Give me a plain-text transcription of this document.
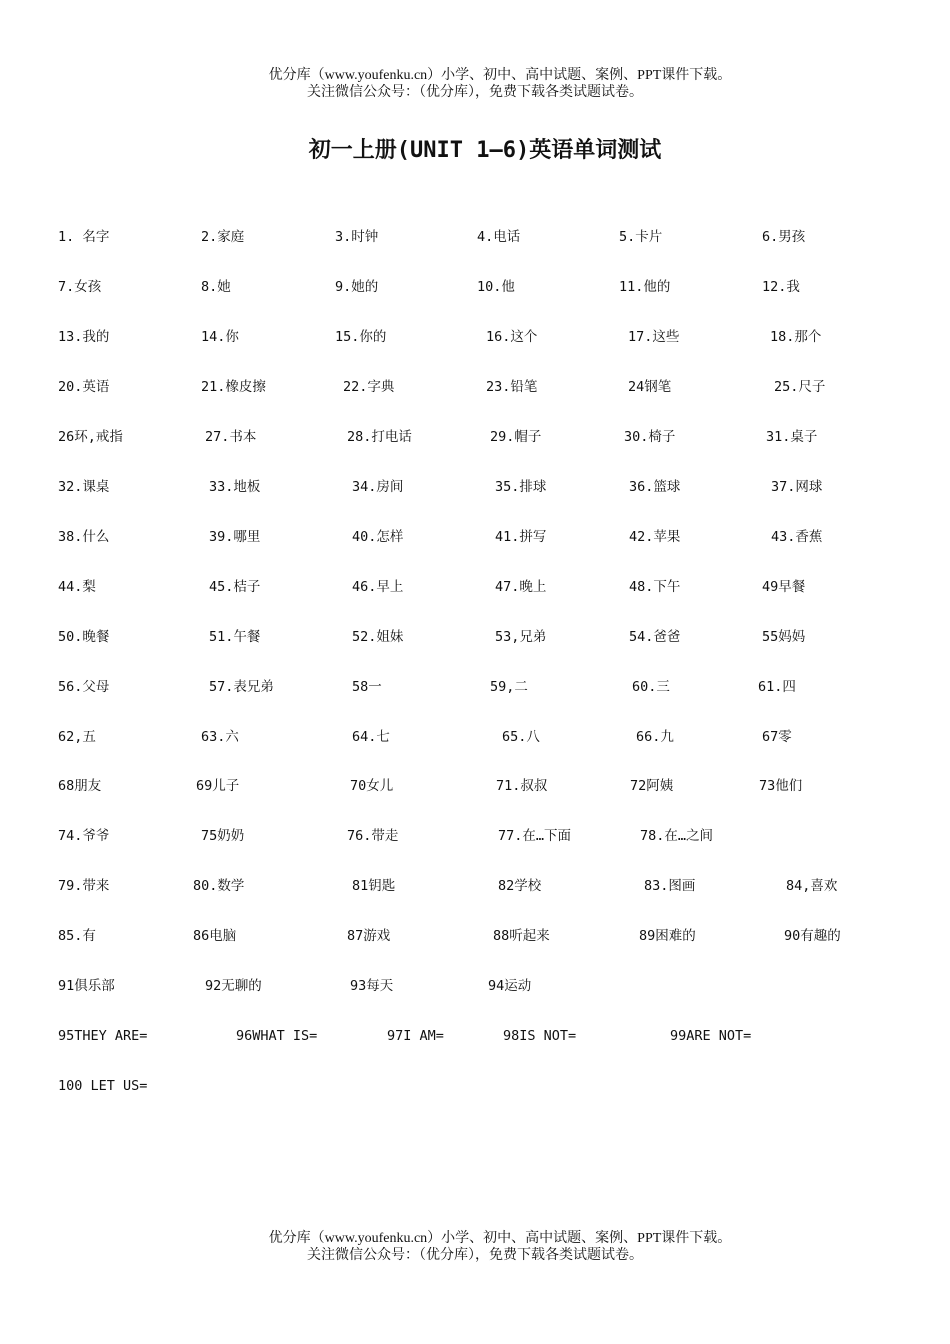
优分库（www.youfenku.cn）小学、初中、高中试题、案例、PPT课件下载。
关注微信公众号：（优分库），免费下载各类试题试卷。
初一上册(UNIT 1—6)英语单词测试
1. 名字	2.家庭	3.时钟	4.电话	5.卡片	6.男孩
7.女孩	8.她	9.她的	10.他	11.他的	12.我
13.我的	14.你	15.你的	16.这个	17.这些	18.那个
20.英语	21.橡皮擦	22.字典	23.铅笔	24钢笔	25.尺子
26环,戒指	27.书本	28.打电话	29.帽子	30.椅子	31.桌子
32.课桌	33.地板	34.房间	35.排球	36.篮球	37.网球
38.什么	39.哪里	40.怎样	41.拼写	42.苹果	43.香蕉
44.梨	45.桔子	46.早上	47.晚上	48.下午	49早餐
50.晚餐	51.午餐	52.姐妹	53,兄弟	54.爸爸	55妈妈
56.父母	57.表兄弟	58一	59,二	60.三	61.四
62,五	63.六	64.七	65.八	66.九	67零
68朋友	69儿子	70女儿	71.叔叔	72阿姨	73他们
74.爷爷	75奶奶	76.带走	77.在…下面	78.在…之间
79.带来	80.数学	81钥匙	82学校	83.图画	84,喜欢
85.有	86电脑	87游戏	88听起来	89困难的	90有趣的
91俱乐部	92无聊的	93每天	94运动
95THEY ARE=	96WHAT IS=	97I AM=	98IS NOT=	99ARE NOT=
100 LET US=
优分库（www.youfenku.cn）小学、初中、高中试题、案例、PPT课件下载。
关注微信公众号：（优分库），免费下载各类试题试卷。
